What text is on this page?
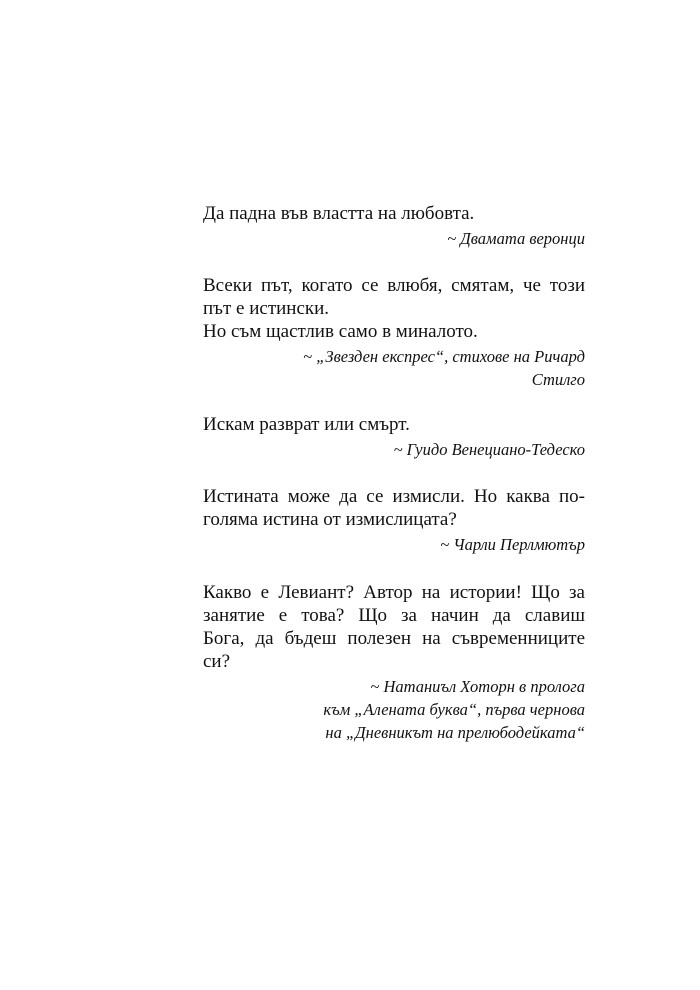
Да падна във властта на любовта.
~ Двамата веронци
Всеки път, когато се влюбя, смятам, че този
път е истински.
Но съм щастлив само в миналото.
~ „Звезден експрес“, стихове на Ричард
Стилго
Искам разврат или смърт.
~ Гуидо Венециано-Тедеско
Истината може да се измисли. Но каква по-
голяма истина от измислицата?
~ Чарли Перлмютър
Какво е Левиант? Автор на истории! Що за
занятие е това? Що за начин да славиш
Бога, да бъдеш полезен на съвременниците
си?
~ Натаниъл Хоторн в пролога
към „Алената буква“, първа чернова
на „Дневникът на прелюбодейката“
